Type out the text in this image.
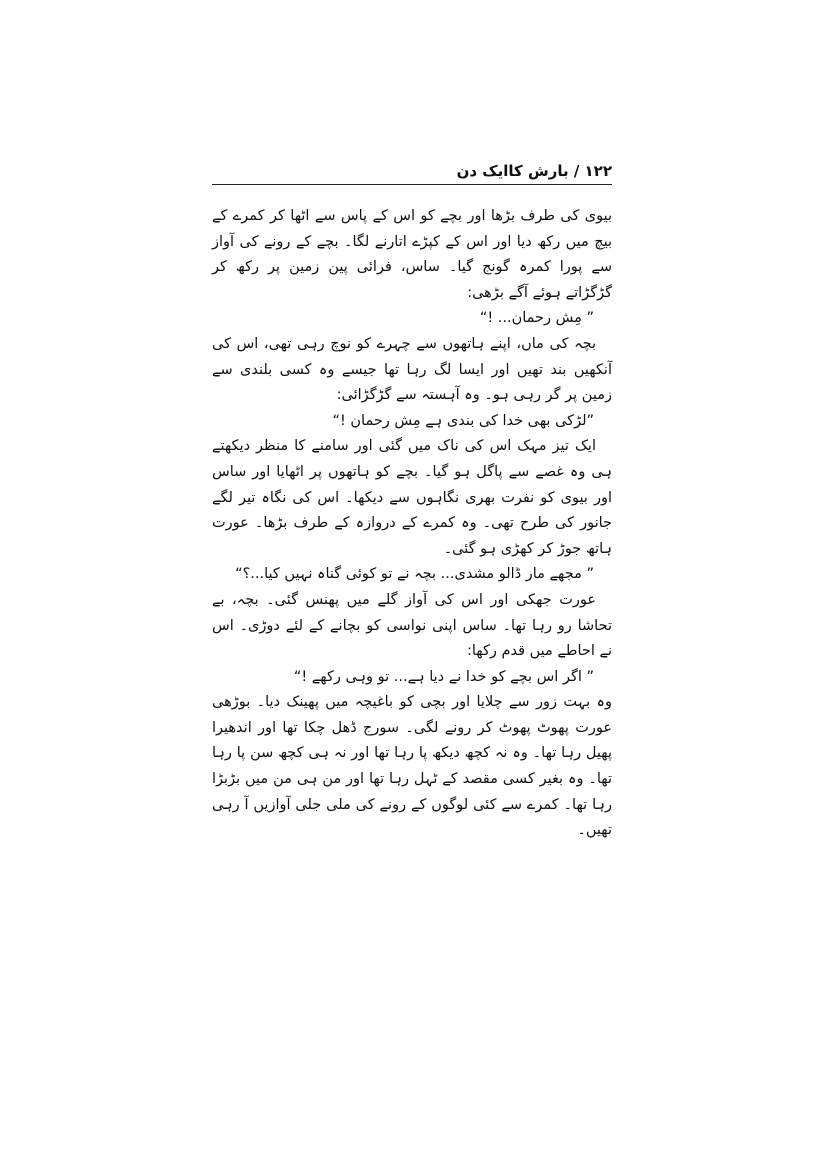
۱۲۲ / بارش کاایک دن

بیوی کی طرف بڑھا اور بچے کو اس کے پاس سے اٹھا کر کمرے کے بیچ میں رکھ دیا اور اس کے کپڑے اتارنے لگا۔ بچے کے رونے کی آواز سے پورا کمرہ گونج گیا۔ ساس، فرائی پین زمین پر رکھ کر گڑگڑاتے ہوئے آگے بڑھی:

” مِش رحمان... !“

بچہ کی ماں، اپنے ہاتھوں سے چہرے کو نوچ رہی تھی، اس کی آنکھیں بند تھیں اور ایسا لگ رہا تھا جیسے وہ کسی بلندی سے زمین پر گر رہی ہو۔ وہ آہستہ سے گڑگڑائی:

”لڑکی بھی خدا کی بندی ہے مِش رحمان !“

ایک تیز مہک اس کی ناک میں گئی اور سامنے کا منظر دیکھتے ہی وہ غصے سے پاگل ہو گیا۔ بچے کو ہاتھوں پر اٹھایا اور ساس اور بیوی کو نفرت بھری نگاہوں سے دیکھا۔ اس کی نگاہ تیر لگے جانور کی طرح تھی۔ وہ کمرے کے دروازہ کے طرف بڑھا۔ عورت ہاتھ جوڑ کر کھڑی ہو گئی۔

” مجھے مار ڈالو مشدی... بچہ نے تو کوئی گناہ نہیں کیا...؟“

عورت جھکی اور اس کی آواز گلے میں پھنس گئی۔ بچہ، بے تحاشا رو رہا تھا۔ ساس اپنی نواسی کو بچانے کے لئے دوڑی۔ اس نے احاطے میں قدم رکھا:

” اگر اس بچے کو خدا نے دیا ہے... تو وہی رکھے !“

وہ بہت زور سے چلایا اور بچی کو باغیچہ میں پھینک دیا۔ بوڑھی عورت پھوٹ پھوٹ کر رونے لگی۔ سورج ڈھل چکا تھا اور اندھیرا پھیل رہا تھا۔ وہ نہ کچھ دیکھ پا رہا تھا اور نہ ہی کچھ سن پا رہا تھا۔ وہ بغیر کسی مقصد کے ٹہل رہا تھا اور من ہی من میں بڑبڑا رہا تھا۔ کمرے سے کئی لوگوں کے رونے کی ملی جلی آوازیں آ رہی تھیں۔
